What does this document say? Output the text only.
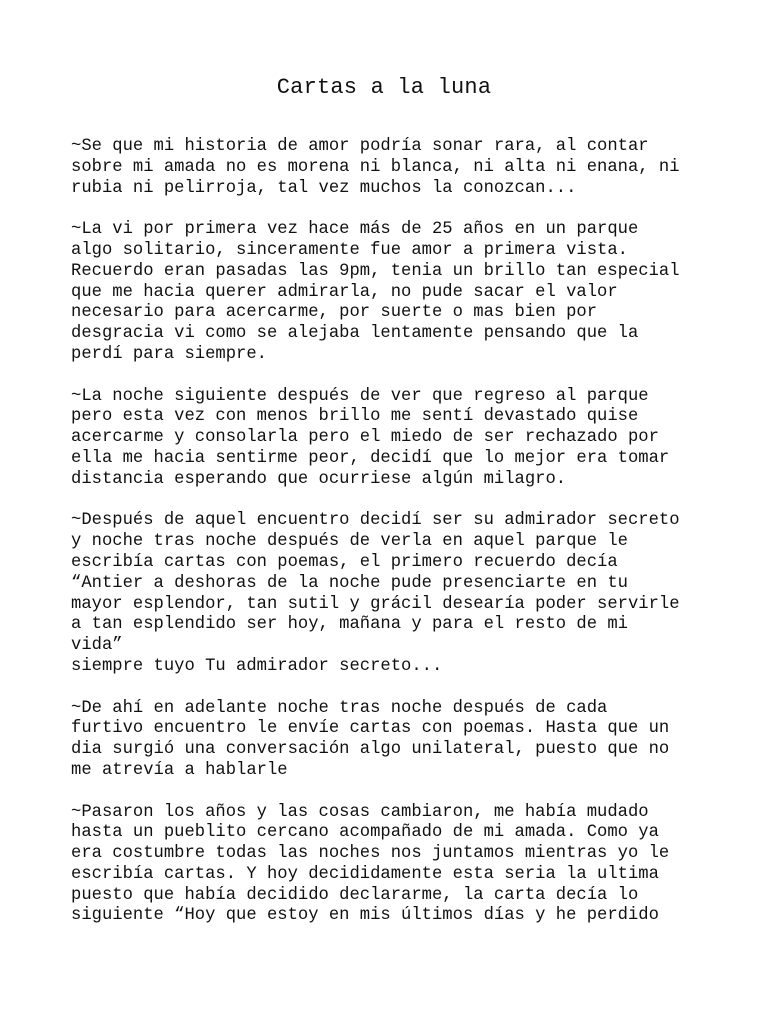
Cartas a la luna
~Se que mi historia de amor podría sonar rara, al contar
sobre mi amada no es morena ni blanca, ni alta ni enana, ni
rubia ni pelirroja, tal vez muchos la conozcan...
~La vi por primera vez hace más de 25 años en un parque
algo solitario, sinceramente fue amor a primera vista.
Recuerdo eran pasadas las 9pm, tenia un brillo tan especial
que me hacia querer admirarla, no pude sacar el valor
necesario para acercarme, por suerte o mas bien por
desgracia vi como se alejaba lentamente pensando que la
perdí para siempre.
~La noche siguiente después de ver que regreso al parque
pero esta vez con menos brillo me sentí devastado quise
acercarme y consolarla pero el miedo de ser rechazado por
ella me hacia sentirme peor, decidí que lo mejor era tomar
distancia esperando que ocurriese algún milagro.
~Después de aquel encuentro decidí ser su admirador secreto
y noche tras noche después de verla en aquel parque le
escribía cartas con poemas, el primero recuerdo decía
“Antier a deshoras de la noche pude presenciarte en tu
mayor esplendor, tan sutil y grácil desearía poder servirle
a tan esplendido ser hoy, mañana y para el resto de mi
vida”
siempre tuyo Tu admirador secreto...
~De ahí en adelante noche tras noche después de cada
furtivo encuentro le envíe cartas con poemas. Hasta que un
dia surgió una conversación algo unilateral, puesto que no
me atrevía a hablarle
~Pasaron los años y las cosas cambiaron, me había mudado
hasta un pueblito cercano acompañado de mi amada. Como ya
era costumbre todas las noches nos juntamos mientras yo le
escribía cartas. Y hoy decididamente esta seria la ultima
puesto que había decidido declararme, la carta decía lo
siguiente “Hoy que estoy en mis últimos días y he perdido
